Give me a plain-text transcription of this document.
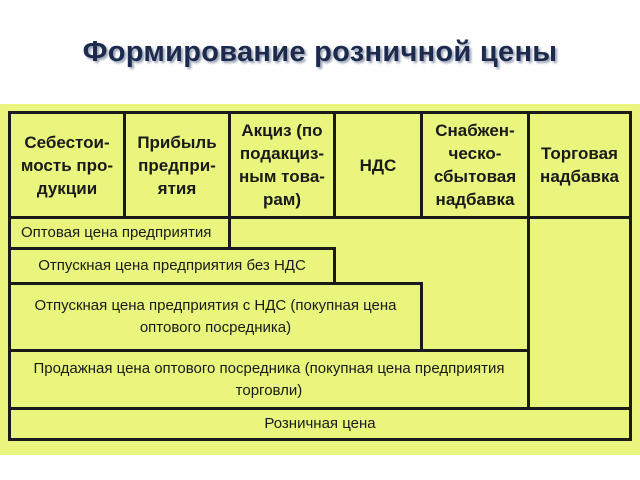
Формирование розничной цены
Себестои-
мость про-
дукции
Прибыль
предпри-
ятия
Акциз (по
подакциз-
ным това-
рам)
НДС
Снабжен-
ческо-
сбытовая
надбавка
Торговая
надбавка
Оптовая цена предприятия
Отпускная цена предприятия без НДС
Отпускная цена предприятия с НДС (покупная цена
оптового посредника)
Продажная цена оптового посредника (покупная цена предприятия
торговли)
Розничная цена
